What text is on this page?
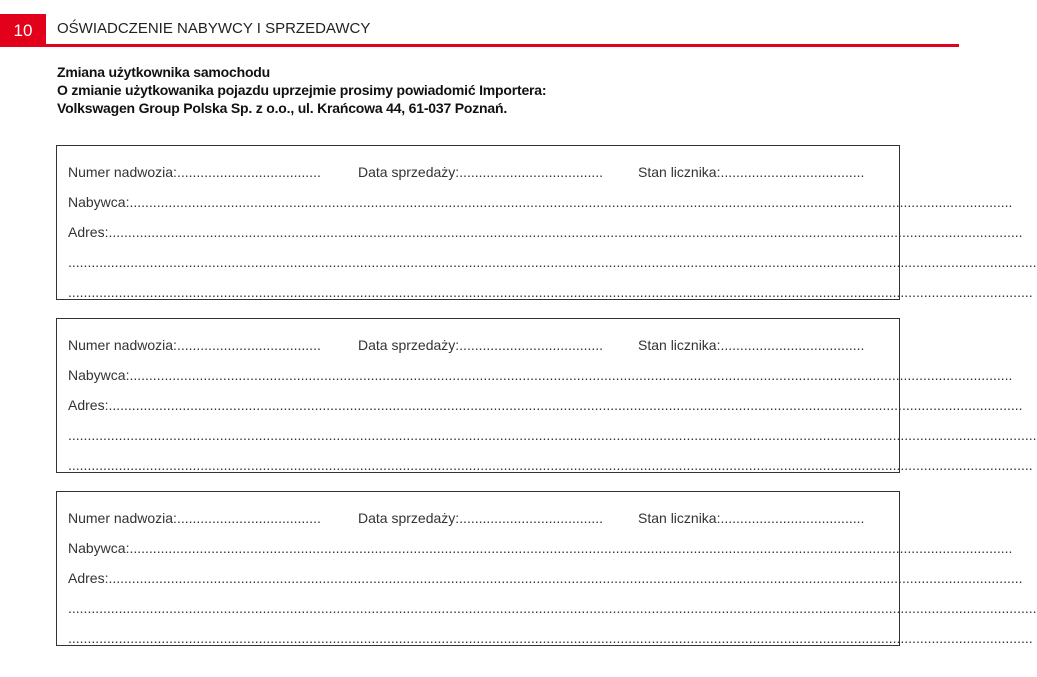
10	OŚWIADCZENIE NABYWCY I SPRZEDAWCY
Zmiana użytkownika samochodu
O zmianie użytkowanika pojazdu uprzejmie prosimy powiadomić Importera:
Volkswagen Group Polska Sp. z o.o., ul. Krańcowa 44, 61-037 Poznań.
Numer nadwozia:.....................................	Data sprzedaży:.....................................	Stan licznika:.....................................
Nabywca:...................................................................................................................................................................................................................................
Adres:...........................................................................................................................................................................................................................................
.........................................................................................................................................................................................................................................................
........................................................................................................................................................................................................................................................
Numer nadwozia:.....................................	Data sprzedaży:.....................................	Stan licznika:.....................................
Nabywca:...................................................................................................................................................................................................................................
Adres:...........................................................................................................................................................................................................................................
.........................................................................................................................................................................................................................................................
........................................................................................................................................................................................................................................................
Numer nadwozia:.....................................	Data sprzedaży:.....................................	Stan licznika:.....................................
Nabywca:...................................................................................................................................................................................................................................
Adres:...........................................................................................................................................................................................................................................
.........................................................................................................................................................................................................................................................
........................................................................................................................................................................................................................................................
